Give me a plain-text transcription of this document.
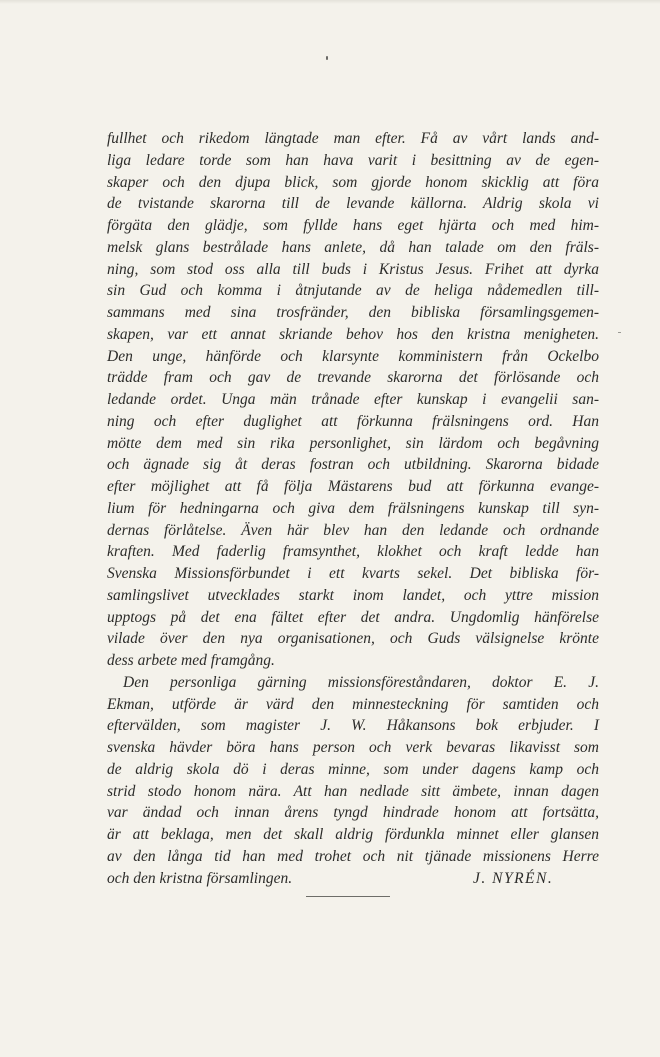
fullhet och rikedom längtade man efter. Få av vårt lands and-
liga ledare torde som han hava varit i besittning av de egen-
skaper och den djupa blick, som gjorde honom skicklig att föra
de tvistande skarorna till de levande källorna. Aldrig skola vi
förgäta den glädje, som fyllde hans eget hjärta och med him-
melsk glans bestrålade hans anlete, då han talade om den fräls-
ning, som stod oss alla till buds i Kristus Jesus. Frihet att dyrka
sin Gud och komma i åtnjutande av de heliga nådemedlen till-
sammans med sina trosfränder, den bibliska församlingsgemen-
skapen, var ett annat skriande behov hos den kristna menigheten.
Den unge, hänförde och klarsynte komministern från Ockelbo
trädde fram och gav de trevande skarorna det förlösande och
ledande ordet. Unga män trånade efter kunskap i evangelii san-
ning och efter duglighet att förkunna frälsningens ord. Han
mötte dem med sin rika personlighet, sin lärdom och begåvning
och ägnade sig åt deras fostran och utbildning. Skarorna bidade
efter möjlighet att få följa Mästarens bud att förkunna evange-
lium för hedningarna och giva dem frälsningens kunskap till syn-
dernas förlåtelse. Även här blev han den ledande och ordnande
kraften. Med faderlig framsynthet, klokhet och kraft ledde han
Svenska Missionsförbundet i ett kvarts sekel. Det bibliska för-
samlingslivet utvecklades starkt inom landet, och yttre mission
upptogs på det ena fältet efter det andra. Ungdomlig hänförelse
vilade över den nya organisationen, och Guds välsignelse krönte
dess arbete med framgång.
Den personliga gärning missionsföreståndaren, doktor E. J.
Ekman, utförde är värd den minnesteckning för samtiden och
eftervälden, som magister J. W. Håkansons bok erbjuder. I
svenska hävder böra hans person och verk bevaras likavisst som
de aldrig skola dö i deras minne, som under dagens kamp och
strid stodo honom nära. Att han nedlade sitt ämbete, innan dagen
var ändad och innan årens tyngd hindrade honom att fortsätta,
är att beklaga, men det skall aldrig fördunkla minnet eller glansen
av den långa tid han med trohet och nit tjänade missionens Herre
och den kristna församlingen.	J. NYRÉN.
